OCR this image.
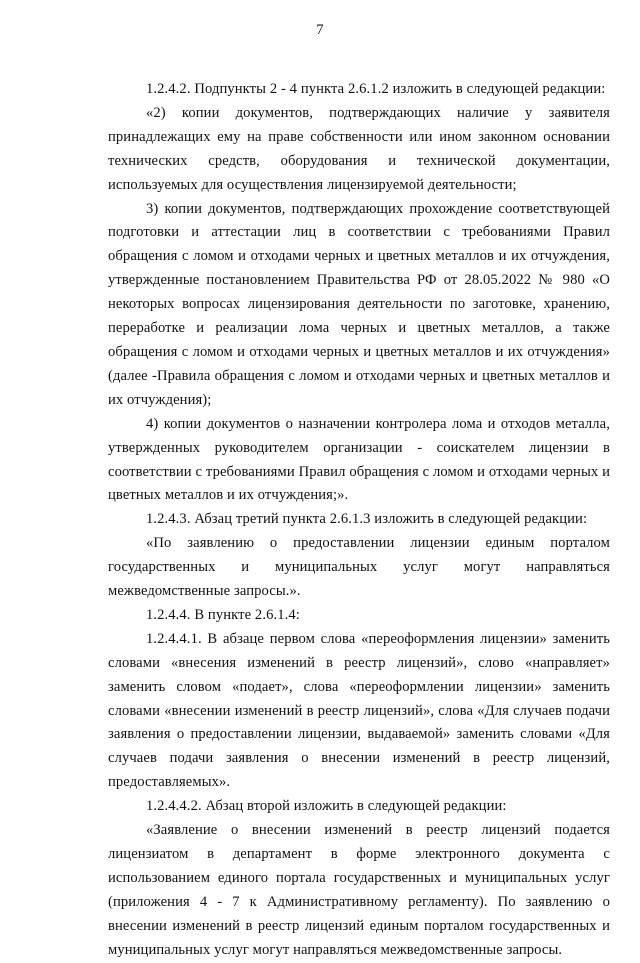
7

1.2.4.2. Подпункты 2 - 4 пункта 2.6.1.2 изложить в следующей редакции:

«2) копии документов, подтверждающих наличие у заявителя принадлежащих ему на праве собственности или ином законном основании технических средств, оборудования и технической документации, используемых для осуществления лицензируемой деятельности;

3) копии документов, подтверждающих прохождение соответствующей подготовки и аттестации лиц в соответствии с требованиями Правил обращения с ломом и отходами черных и цветных металлов и их отчуждения, утвержденные постановлением Правительства РФ от 28.05.2022 № 980 «О некоторых вопросах лицензирования деятельности по заготовке, хранению, переработке и реализации лома черных и цветных металлов, а также обращения с ломом и отходами черных и цветных металлов и их отчуждения» (далее -Правила обращения с ломом и отходами черных и цветных металлов и их отчуждения);

4) копии документов о назначении контролера лома и отходов металла, утвержденных руководителем организации - соискателем лицензии в соответствии с требованиями Правил обращения с ломом и отходами черных и цветных металлов и их отчуждения;».

1.2.4.3. Абзац третий пункта 2.6.1.3 изложить в следующей редакции:

«По заявлению о предоставлении лицензии единым порталом государственных и муниципальных услуг могут направляться межведомственные запросы.».

1.2.4.4. В пункте 2.6.1.4:

1.2.4.4.1. В абзаце первом слова «переоформления лицензии» заменить словами «внесения изменений в реестр лицензий», слово «направляет» заменить словом «подает», слова «переоформлении лицензии» заменить словами «внесении изменений в реестр лицензий», слова «Для случаев подачи заявления о предоставлении лицензии, выдаваемой» заменить словами «Для случаев подачи заявления о внесении изменений в реестр лицензий, предоставляемых».

1.2.4.4.2. Абзац второй изложить в следующей редакции:

«Заявление о внесении изменений в реестр лицензий подается лицензиатом в департамент в форме электронного документа с использованием единого портала государственных и муниципальных услуг (приложения 4 - 7 к Административному регламенту). По заявлению о внесении изменений в реестр лицензий единым порталом государственных и муниципальных услуг могут направляться межведомственные запросы.
